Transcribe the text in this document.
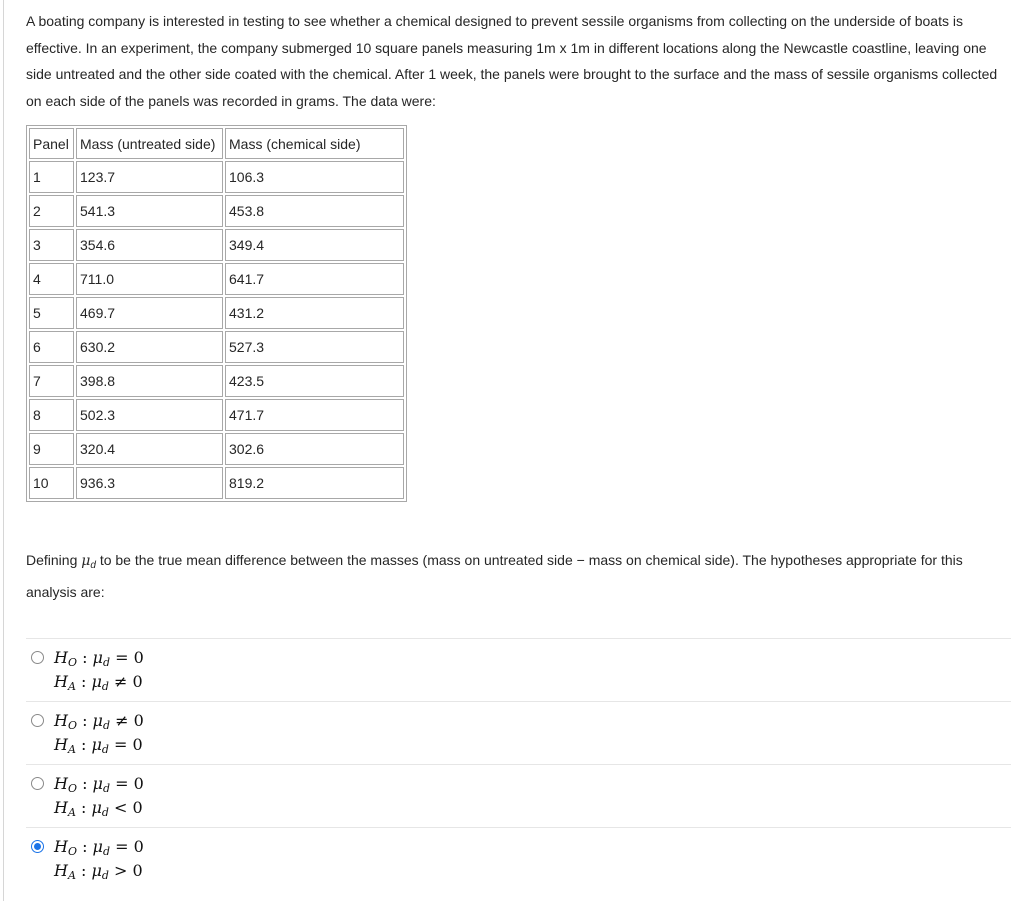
A boating company is interested in testing to see whether a chemical designed to prevent sessile organisms from collecting on the underside of boats is effective. In an experiment, the company submerged 10 square panels measuring 1m x 1m in different locations along the Newcastle coastline, leaving one side untreated and the other side coated with the chemical. After 1 week, the panels were brought to the surface and the mass of sessile organisms collected on each side of the panels was recorded in grams. The data were:

Panel	Mass (untreated side)	Mass (chemical side)
1	123.7	106.3
2	541.3	453.8
3	354.6	349.4
4	711.0	641.7
5	469.7	431.2
6	630.2	527.3
7	398.8	423.5
8	502.3	471.7
9	320.4	302.6
10	936.3	819.2

Defining $\mu_d$ to be the true mean difference between the masses (mass on untreated side − mass on chemical side). The hypotheses appropriate for this analysis are:

$H_O$ : $\mu_d = 0$
$H_A$ : $\mu_d \ne 0$
$H_O$ : $\mu_d \ne 0$
$H_A$ : $\mu_d = 0$
$H_O$ : $\mu_d = 0$
$H_A$ : $\mu_d < 0$
$H_O$ : $\mu_d = 0$
$H_A$ : $\mu_d > 0$
